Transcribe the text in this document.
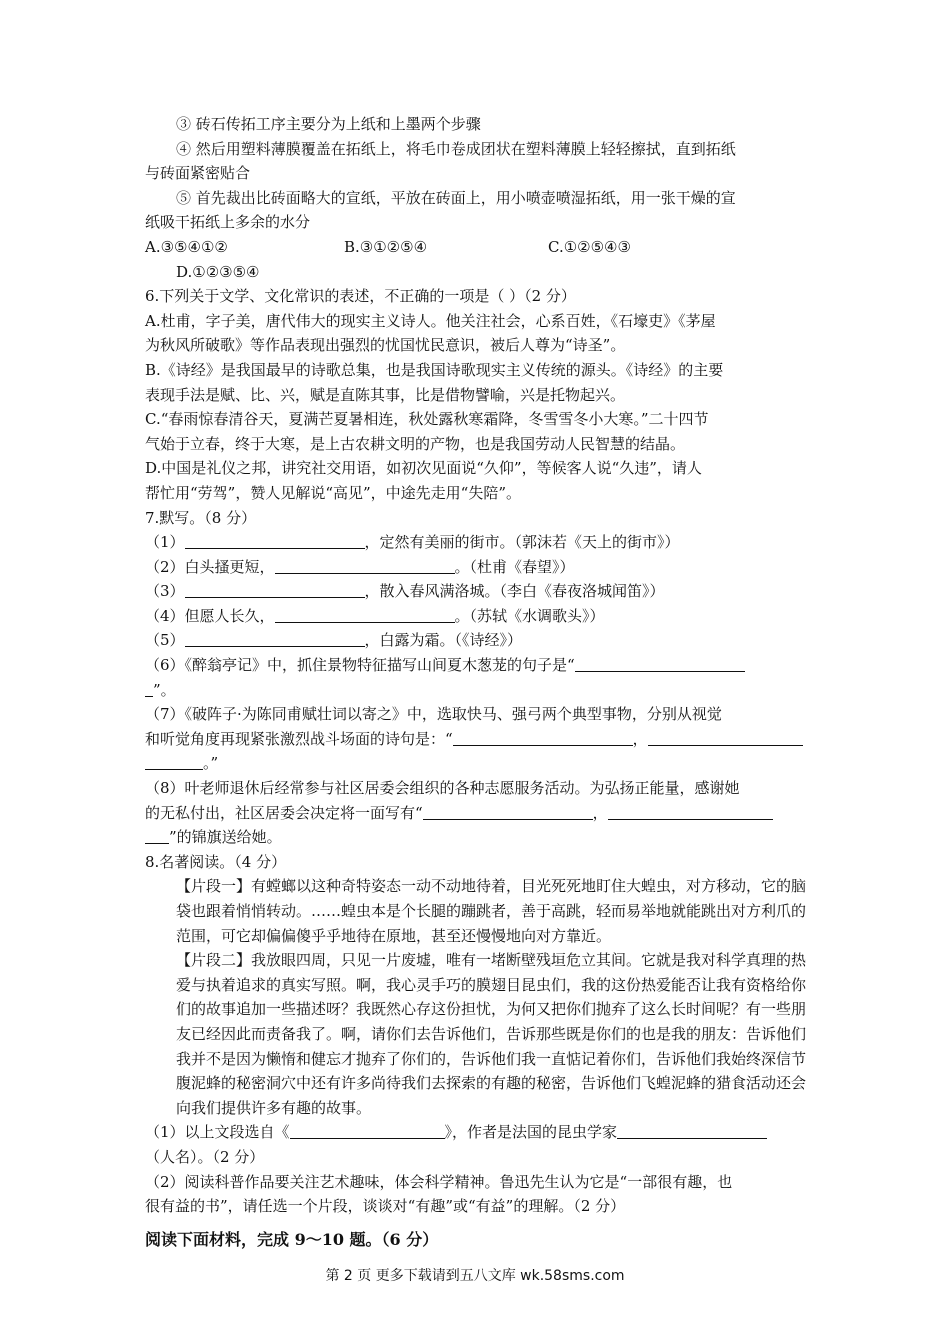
③ 砖石传拓工序主要分为上纸和上墨两个步骤

④ 然后用塑料薄膜覆盖在拓纸上，将毛巾卷成团状在塑料薄膜上轻轻擦拭，直到拓纸

与砖面紧密贴合

⑤ 首先裁出比砖面略大的宣纸，平放在砖面上，用小喷壶喷湿拓纸，用一张干燥的宣

纸吸干拓纸上多余的水分

A.③⑤④①②	B.③①②⑤④	C.①②⑤④③

D.①②③⑤④

6.下列关于文学、文化常识的表述，不正确的一项是（ ）（2 分）

A.杜甫，字子美，唐代伟大的现实主义诗人。他关注社会，心系百姓，《石壕吏》《茅屋

为秋风所破歌》等作品表现出强烈的忧国忧民意识，被后人尊为“诗圣”。

B.《诗经》是我国最早的诗歌总集，也是我国诗歌现实主义传统的源头。《诗经》的主要

表现手法是赋、比、兴，赋是直陈其事，比是借物譬喻，兴是托物起兴。

C.“春雨惊春清谷天，夏满芒夏暑相连，秋处露秋寒霜降，冬雪雪冬小大寒。”二十四节

气始于立春，终于大寒，是上古农耕文明的产物，也是我国劳动人民智慧的结晶。

D.中国是礼仪之邦，讲究社交用语，如初次见面说“久仰”，等候客人说“久违”，请人

帮忙用“劳驾”，赞人见解说“高见”，中途先走用“失陪”。

7.默写。（8 分）

（1）	，定然有美丽的街市。（郭沫若《天上的街市》）

（2）白头搔更短，	。（杜甫《春望》）

（3）	，散入春风满洛城。（李白《春夜洛城闻笛》）

（4）但愿人长久，	。（苏轼《水调歌头》）

（5）	，白露为霜。（《诗经》）

（6）《醉翁亭记》中，抓住景物特征描写山间夏木葱茏的句子是“

”。

（7）《破阵子·为陈同甫赋壮词以寄之》中，选取快马、强弓两个典型事物，分别从视觉

和听觉角度再现紧张激烈战斗场面的诗句是：“	，

。”

（8）叶老师退休后经常参与社区居委会组织的各种志愿服务活动。为弘扬正能量，感谢她

的无私付出，社区居委会决定将一面写有“	，

”的锦旗送给她。

8.名著阅读。（4 分）

【片段一】有螳螂以这种奇特姿态一动不动地待着，目光死死地盯住大蝗虫，对方移动，它的脑袋也跟着悄悄转动。……蝗虫本是个长腿的蹦跳者，善于高跳，轻而易举地就能跳出对方利爪的范围，可它却偏偏傻乎乎地待在原地，甚至还慢慢地向对方靠近。

【片段二】我放眼四周，只见一片废墟，唯有一堵断壁残垣危立其间。它就是我对科学真理的热爱与执着追求的真实写照。啊，我心灵手巧的膜翅目昆虫们，我的这份热爱能否让我有资格给你们的故事追加一些描述呀？我既然心存这份担忧，为何又把你们抛弃了这么长时间呢？有一些朋友已经因此而责备我了。啊，请你们去告诉他们，告诉那些既是你们的也是我的朋友：告诉他们我并不是因为懒惰和健忘才抛弃了你们的，告诉他们我一直惦记着你们，告诉他们我始终深信节腹泥蜂的秘密洞穴中还有许多尚待我们去探索的有趣的秘密，告诉他们飞蝗泥蜂的猎食活动还会向我们提供许多有趣的故事。

（1）以上文段选自《	》，作者是法国的昆虫学家

（人名）。（2 分）

（2）阅读科普作品要关注艺术趣味，体会科学精神。鲁迅先生认为它是“一部很有趣，也

很有益的书”，请任选一个片段，谈谈对“有趣”或“有益”的理解。（2 分）

阅读下面材料，完成 9～10 题。（6 分）

第 2 页 更多下载请到五八文库 wk.58sms.com
